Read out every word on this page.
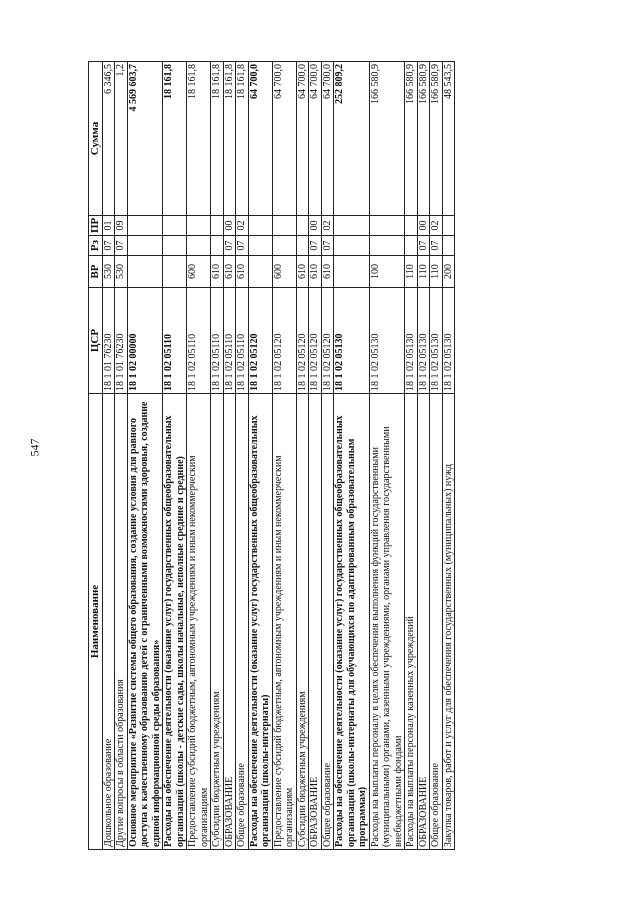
547
Наименование	ЦСР	ВР	Рз	ПР	Сумма
Дошкольное образование	18 1 01 76230	530	07	01	6 346,5
Другие вопросы в области образования	18 1 01 76230	530	07	09	1,2
Основное мероприятие «Развитие системы общего образования, создание условия для равного доступа к качественному образованию детей с ограниченными возможностями здоровья, создание единой информационной среды образования»	18 1 02 00000				4 569 603,7
Расходы на обеспечение деятельности (оказание услуг) государственных общеобразовательных организаций (школы - детские сады, школы начальные, неполные средние и средние)	18 1 02 05110				18 161,8
Предоставление субсидий бюджетным, автономным учреждениям и иным некоммерческим организациям	18 1 02 05110	600			18 161,8
Субсидии бюджетным учреждениям	18 1 02 05110	610			18 161,8
ОБРАЗОВАНИЕ	18 1 02 05110	610	07	00	18 161,8
Общее образование	18 1 02 05110	610	07	02	18 161,8
Расходы на обеспечение деятельности (оказание услуг) государственных общеобразовательных организаций (школы-интернаты)	18 1 02 05120				64 700,0
Предоставление субсидий бюджетным, автономным учреждениям и иным некоммерческим организациям	18 1 02 05120	600			64 700,0
Субсидии бюджетным учреждениям	18 1 02 05120	610			64 700,0
ОБРАЗОВАНИЕ	18 1 02 05120	610	07	00	64 700,0
Общее образование	18 1 02 05120	610	07	02	64 700,0
Расходы на обеспечение деятельности (оказание услуг) государственных общеобразовательных организаций (школы-интернаты для обучающихся по адаптированным образовательным программам)	18 1 02 05130				252 809,2
Расходы на выплаты персоналу в целях обеспечения выполнения функций государственными (муниципальными) органами, казенными учреждениями, органами управления государственными внебюджетными фондами	18 1 02 05130	100			166 580,9
Расходы на выплаты персоналу казенных учреждений	18 1 02 05130	110			166 580,9
ОБРАЗОВАНИЕ	18 1 02 05130	110	07	00	166 580,9
Общее образование	18 1 02 05130	110	07	02	166 580,9
Закупка товаров, работ и услуг для обеспечения государственных (муниципальных) нужд	18 1 02 05130	200			48 543,5
